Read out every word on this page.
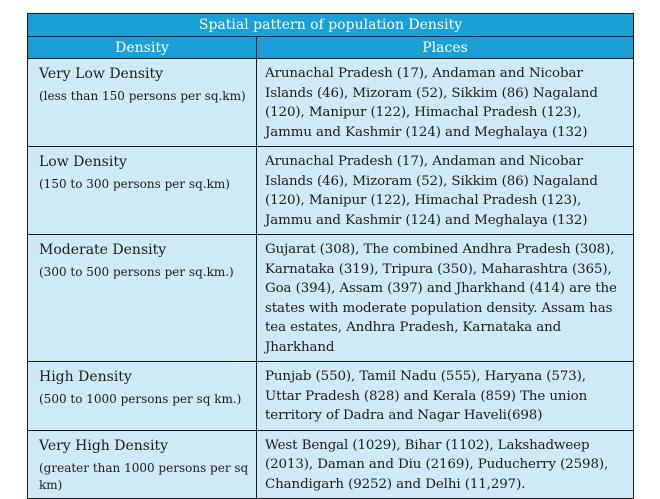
Spatial pattern of population Density	
Density	Places

Very Low Density
(less than 150 persons per sq.km)	Arunachal Pradesh (17), Andaman and Nicobar Islands (46), Mizoram (52), Sikkim (86) Nagaland (120), Manipur (122), Himachal Pradesh (123), Jammu and Kashmir (124) and Meghalaya (132)

Low Density
(150 to 300 persons per sq.km)	Arunachal Pradesh (17), Andaman and Nicobar Islands (46), Mizoram (52), Sikkim (86) Nagaland (120), Manipur (122), Himachal Pradesh (123), Jammu and Kashmir (124) and Meghalaya (132)

Moderate Density
(300 to 500 persons per sq.km.)	Gujarat (308), The combined Andhra Pradesh (308), Karnataka (319), Tripura (350), Maharashtra (365), Goa (394), Assam (397) and Jharkhand (414) are the states with moderate population density. Assam has tea estates, Andhra Pradesh, Karnataka and Jharkhand

High Density
(500 to 1000 persons per sq km.)	Punjab (550), Tamil Nadu (555), Haryana (573), Uttar Pradesh (828) and Kerala (859) The union territory of Dadra and Nagar Haveli(698)

Very High Density
(greater than 1000 persons per sq km)	West Bengal (1029), Bihar (1102), Lakshadweep (2013), Daman and Diu (2169), Puducherry (2598), Chandigarh (9252) and Delhi (11,297).
